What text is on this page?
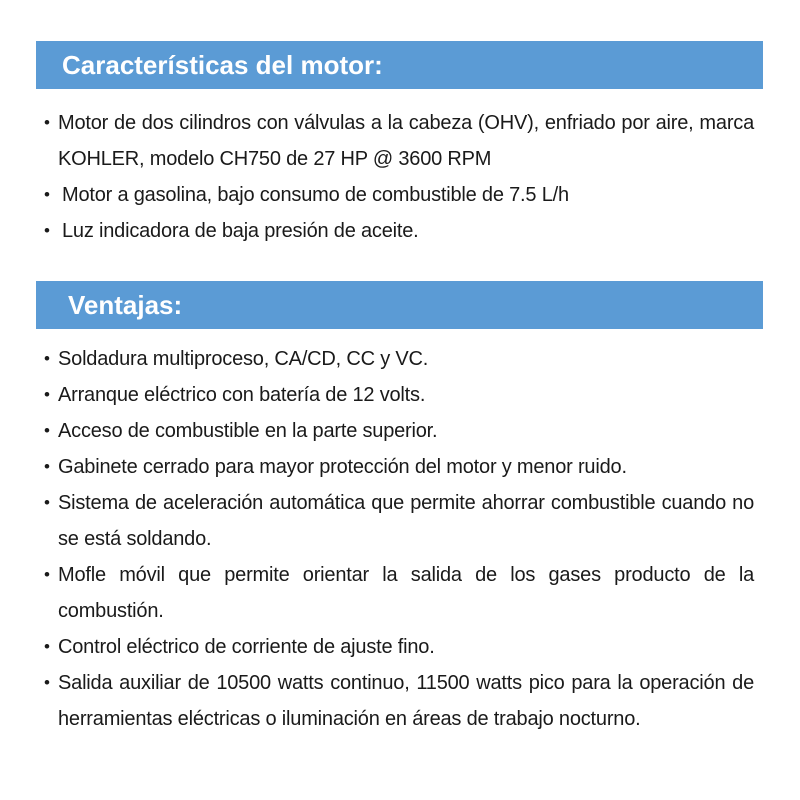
Características del motor:
• Motor de dos cilindros con válvulas a la cabeza (OHV), enfriado por aire, marca KOHLER, modelo CH750 de 27 HP @ 3600 RPM
• Motor a gasolina, bajo consumo de combustible de 7.5 L/h
• Luz indicadora de baja presión de aceite.
Ventajas:
• Soldadura multiproceso, CA/CD, CC y VC.
• Arranque eléctrico con batería de 12 volts.
• Acceso de combustible en la parte superior.
• Gabinete cerrado para mayor protección del motor y menor ruido.
• Sistema de aceleración automática que permite ahorrar combustible cuando no se está soldando.
• Mofle móvil que permite orientar la salida de los gases producto de la combustión.
• Control eléctrico de corriente de ajuste fino.
• Salida auxiliar de 10500 watts continuo, 11500 watts pico para la operación de herramientas eléctricas o iluminación en áreas de trabajo nocturno.
